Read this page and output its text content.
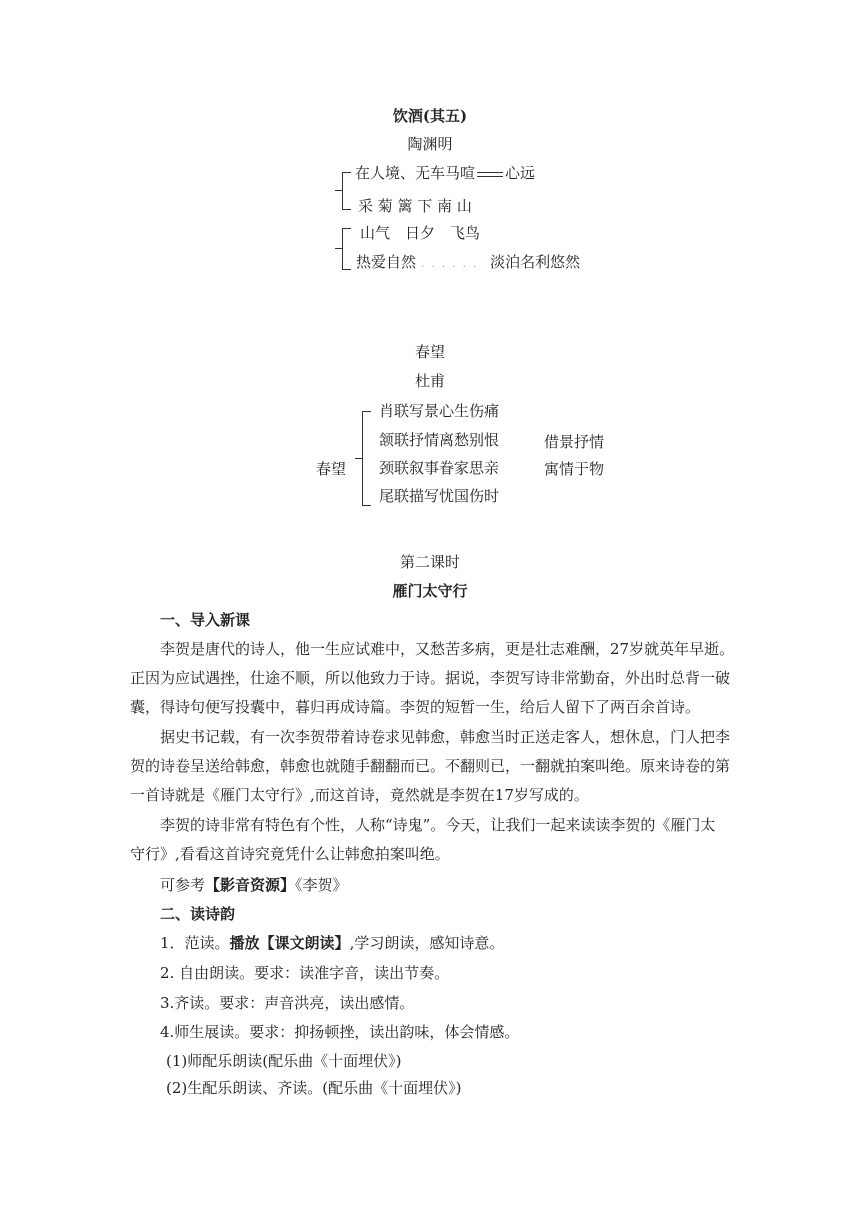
饮酒(其五)
陶渊明
在人境、无车马喧 心远
采 菊 篱 下 南 山
山气　日夕　飞鸟
热爱自然 . . . . . . 淡泊名利悠然
春望
杜甫
春望
肖联写景心生伤痛
颔联抒情离愁别恨
颈联叙事眷家思亲
尾联描写忧国伤时
借景抒情
寓情于物
第二课时
雁门太守行
一、导入新课
李贺是唐代的诗人，他一生应试难中，又愁苦多病，更是壮志难酬，27岁就英年早逝。
正因为应试遇挫，仕途不顺，所以他致力于诗。据说，李贺写诗非常勤奋，外出时总背一破
囊，得诗句便写投囊中，暮归再成诗篇。李贺的短暂一生，给后人留下了两百余首诗。
据史书记载，有一次李贺带着诗卷求见韩愈，韩愈当时正送走客人，想休息，门人把李
贺的诗卷呈送给韩愈，韩愈也就随手翻翻而已。不翻则已，一翻就拍案叫绝。原来诗卷的第
一首诗就是《雁门太守行》,而这首诗，竟然就是李贺在17岁写成的。
李贺的诗非常有特色有个性，人称“诗鬼”。今天，让我们一起来读读李贺的《雁门太
守行》,看看这首诗究竟凭什么让韩愈拍案叫绝。
可参考【影音资源】《李贺》
二、读诗韵
1．范读。播放【课文朗读】,学习朗读，感知诗意。
2. 自由朗读。要求：读准字音，读出节奏。
3.齐读。要求：声音洪亮，读出感情。
4.师生展读。要求：抑扬顿挫，读出韵味，体会情感。
(1)师配乐朗读(配乐曲《十面埋伏》)
(2)生配乐朗读、齐读。(配乐曲《十面埋伏》)
